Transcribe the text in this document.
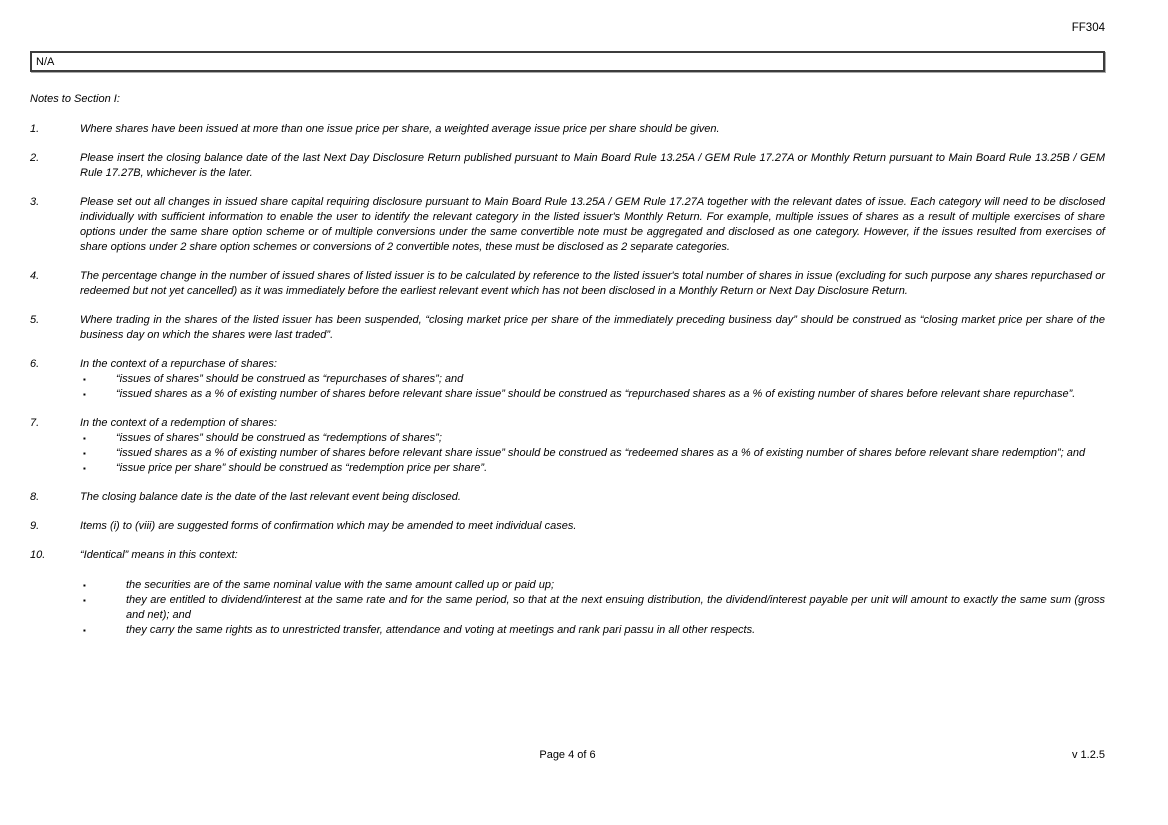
FF304
N/A
Notes to Section I:
1.	Where shares have been issued at more than one issue price per share, a weighted average issue price per share should be given.
2.	Please insert the closing balance date of the last Next Day Disclosure Return published pursuant to Main Board Rule 13.25A / GEM Rule 17.27A or Monthly Return pursuant to Main Board Rule 13.25B / GEM Rule 17.27B, whichever is the later.
3.	Please set out all changes in issued share capital requiring disclosure pursuant to Main Board Rule 13.25A / GEM Rule 17.27A together with the relevant dates of issue. Each category will need to be disclosed individually with sufficient information to enable the user to identify the relevant category in the listed issuer's Monthly Return. For example, multiple issues of shares as a result of multiple exercises of share options under the same share option scheme or of multiple conversions under the same convertible note must be aggregated and disclosed as one category. However, if the issues resulted from exercises of share options under 2 share option schemes or conversions of 2 convertible notes, these must be disclosed as 2 separate categories.
4.	The percentage change in the number of issued shares of listed issuer is to be calculated by reference to the listed issuer's total number of shares in issue (excluding for such purpose any shares repurchased or redeemed but not yet cancelled) as it was immediately before the earliest relevant event which has not been disclosed in a Monthly Return or Next Day Disclosure Return.
5.	Where trading in the shares of the listed issuer has been suspended, “closing market price per share of the immediately preceding business day” should be construed as “closing market price per share of the business day on which the shares were last traded”.
6.	In the context of a repurchase of shares:
▪	“issues of shares” should be construed as “repurchases of shares”; and
▪	“issued shares as a % of existing number of shares before relevant share issue” should be construed as “repurchased shares as a % of existing number of shares before relevant share repurchase”.
7.	In the context of a redemption of shares:
▪	“issues of shares” should be construed as “redemptions of shares”;
▪	“issued shares as a % of existing number of shares before relevant share issue” should be construed as “redeemed shares as a % of existing number of shares before relevant share redemption”; and
▪	“issue price per share” should be construed as “redemption price per share”.
8.	The closing balance date is the date of the last relevant event being disclosed.
9.	Items (i) to (viii) are suggested forms of confirmation which may be amended to meet individual cases.
10.	“Identical” means in this context:
▪	the securities are of the same nominal value with the same amount called up or paid up;
▪	they are entitled to dividend/interest at the same rate and for the same period, so that at the next ensuing distribution, the dividend/interest payable per unit will amount to exactly the same sum (gross and net); and
▪	they carry the same rights as to unrestricted transfer, attendance and voting at meetings and rank pari passu in all other respects.
Page 4 of 6	v 1.2.5
